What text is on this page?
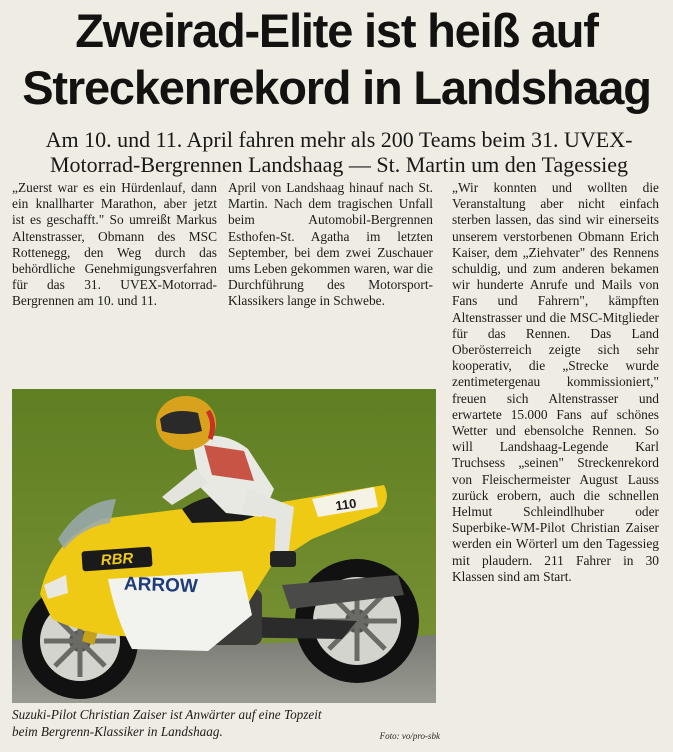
Zweirad-Elite ist heiß auf
Streckenrekord in Landshaag
Am 10. und 11. April fahren mehr als 200 Teams beim 31. UVEX-Motorrad-Bergrennen Landshaag — St. Martin um den Tagessieg

„Zuerst war es ein Hürdenlauf, dann ein knallharter Marathon, aber jetzt ist es geschafft." So umreißt Markus Altenstrasser, Obmann des MSC Rottenegg, den Weg durch das behördliche Genehmigungsverfahren für das 31. UVEX-Motorrad-Bergrennen am 10. und 11.

April von Landshaag hinauf nach St. Martin. Nach dem tragischen Unfall beim Automobil-Bergrennen Esthofen-St. Agatha im letzten September, bei dem zwei Zuschauer ums Leben gekommen waren, war die Durchführung des Motorsport-Klassikers lange in Schwebe.

„Wir konnten und wollten die Veranstaltung aber nicht einfach sterben lassen, das sind wir einerseits unserem verstorbenen Obmann Erich Kaiser, dem „Ziehvater" des Rennens schuldig, und zum anderen bekamen wir hunderte Anrufe und Mails von Fans und Fahrern", kämpften Altenstrasser und die MSC-Mitglieder für das Rennen. Das Land Oberösterreich zeigte sich sehr kooperativ, die „Strecke wurde zentimetergenau kommissioniert," freuen sich Altenstrasser und erwartete 15.000 Fans auf schönes Wetter und ebensolche Rennen. So will Landshaag-Legende Karl Truchsess „seinen" Streckenrekord von Fleischermeister August Lauss zurück erobern, auch die schnellen Helmut Schleindlhuber oder Superbike-WM-Pilot Christian Zaiser werden ein Wörterl um den Tagessieg mit plaudern. 211 Fahrer in 30 Klassen sind am Start.

RBR
ARROW
110
Suzuki-Pilot Christian Zaiser ist Anwärter auf eine Topzeit beim Bergrenn-Klassiker in Landshaag.	Foto: vo/pro-sbk
